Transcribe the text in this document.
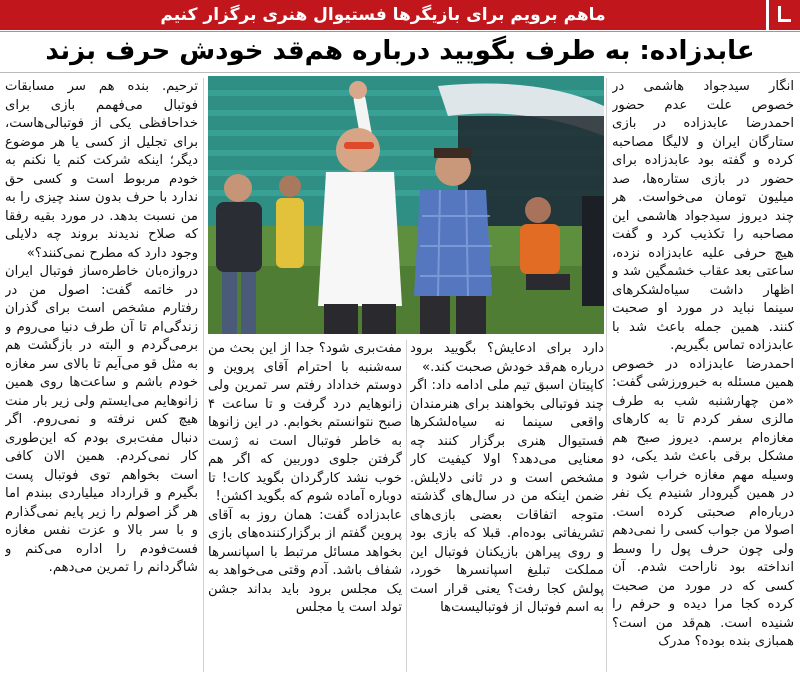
ماهم برویم برای بازیگرها فستیوال هنری برگزار کنیم
عابدزاده: به طرف بگویید درباره هم‌قد خودش حرف بزند

انگار سیدجواد هاشمی در خصوص علت عدم حضور احمدرضا عابدزاده در بازی ستارگان ایران و لالیگا مصاحبه کرده و گفته بود عابدزاده برای حضور در بازی ستاره‌ها، صد میلیون تومان می‌خواست. هر چند دیروز سیدجواد هاشمی این مصاحبه را تکذیب کرد و گفت هیچ حرفی علیه عابدزاده نزده، ساعتی بعد عقاب خشمگین شد و اظهار داشت سیاه‌لشکرهای سینما نباید در مورد او صحبت کنند. همین جمله باعث شد با عابدزاده تماس بگیریم.

احمدرضا عابدزاده در خصوص همین مسئله به خبرورزشی گفت: «من چهارشنبه شب به طرف مالزی سفر کردم تا به کارهای مغازه‌ام برسم. دیروز صبح هم مشکل برقی باعث شد یکی، دو وسیله مهم مغازه خراب شود و در همین گیرودار شنیدم یک نفر درباره‌ام صحبتی کرده است. اصولا من جواب کسی را نمی‌دهم ولی چون حرف پول را وسط انداخته بود ناراحت شدم. آن کسی که در مورد من صحبت کرده کجا مرا دیده و حرفم را شنیده است. هم‌قد من است؟ همبازی بنده بوده؟ مدرک

دارد برای ادعایش؟ بگویید برود درباره هم‌قد خودش صحبت کند.»

کاپیتان اسبق تیم ملی ادامه داد: اگر چند فوتبالی بخواهند برای هنرمندان واقعی سینما نه سیاه‌لشکرها فستیوال هنری برگزار کنند چه معنایی می‌دهد؟ اولا کیفیت کار مشخص است و در ثانی دلایلش. ضمن اینکه من در سال‌های گذشته متوجه اتفاقات بعضی بازی‌های تشریفاتی بوده‌ام. قبلا که بازی بود و روی پیراهن بازیکنان فوتبال این مملکت تبلیغ اسپانسرها خورد، پولش کجا رفت؟ یعنی قرار است به اسم فوتبال از فوتبالیست‌ها

مفت‌بری شود؟ جدا از این بحث من سه‌شنبه با احترام آقای پروین و دوستم خداداد رفتم سر تمرین ولی زانوهایم درد گرفت و تا ساعت ۴ صبح نتوانستم بخوابم. در این زانوها به خاطر فوتبال است نه ژست گرفتن جلوی دوربین که اگر هم خوب نشد کارگردان بگوید کات! تا دوباره آماده شوم که بگوید اکشن!

عابدزاده گفت: همان روز به آقای پروین گفتم از برگزارکننده‌های بازی بخواهد مسائل مرتبط با اسپانسرها شفاف باشد. آدم وقتی می‌خواهد به یک مجلس برود باید بداند جشن تولد است یا مجلس

ترحیم. بنده هم سر مسابقات فوتبال می‌فهمم بازی برای خداحافظی یکی از فوتبالی‌هاست، برای تجلیل از کسی یا هر موضوع دیگر؛ اینکه شرکت کنم یا نکنم به خودم مربوط است و کسی حق ندارد با حرف بدون سند چیزی را به من نسبت بدهد. در مورد بقیه رفقا که صلاح ندیدند بروند چه دلایلی وجود دارد که مطرح نمی‌کنند؟»

دروازه‌بان خاطره‌ساز فوتبال ایران در خاتمه گفت: اصول من در رفتارم مشخص است برای گذران زندگی‌ام تا آن طرف دنیا می‌روم و برمی‌گردم و البته در بازگشت هم به مثل قو می‌آیم تا بالای سر مغازه خودم باشم و ساعت‌ها روی همین زانوهایم می‌ایستم ولی زیر بار منت هیچ کس نرفته و نمی‌روم. اگر دنبال مفت‌بری بودم که این‌طوری کار نمی‌کردم. همین الان کافی است بخواهم توی فوتبال پست بگیرم و قرارداد میلیاردی ببندم اما هر گز اصولم را زیر پایم نمی‌گذارم و با سر بالا و عزت نفس مغازه فست‌فودم را اداره می‌کنم و شاگردانم را تمرین می‌دهم.
